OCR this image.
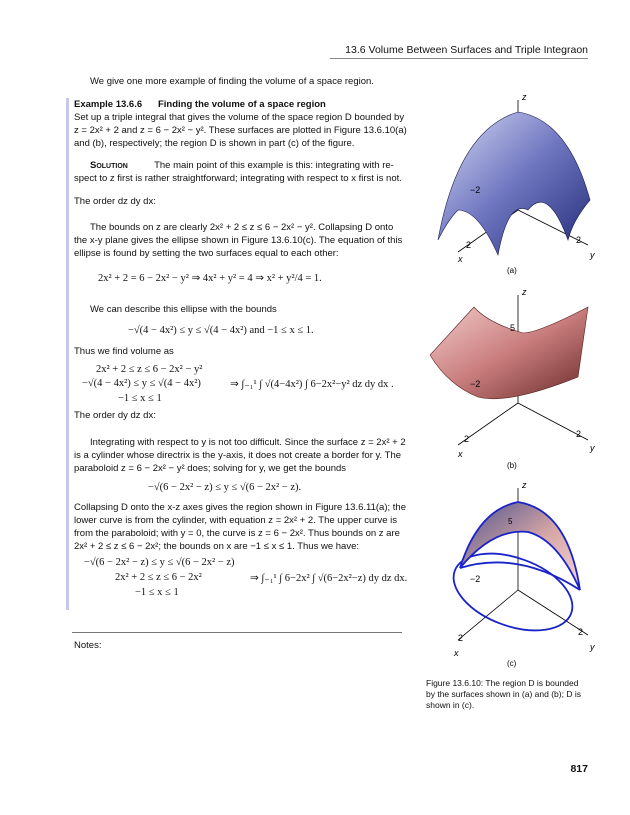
13.6 Volume Between Surfaces and Triple Integraon
We give one more example of finding the volume of a space region.
Example 13.6.6 Finding the volume of a space region
Set up a triple integral that gives the volume of the space region D bounded by
z = 2x² + 2 and z = 6 − 2x² − y². These surfaces are plotted in Figure 13.6.10(a)
and (b), respectively; the region D is shown in part (c) of the figure.
Solution	The main point of this example is this: integrating with re-
spect to z first is rather straightforward; integrating with respect to x first is not.
The order dz dy dx:
The bounds on z are clearly 2x² + 2 ≤ z ≤ 6 − 2x² − y². Collapsing D onto
the x-y plane gives the ellipse shown in Figure 13.6.10(c). The equation of this
ellipse is found by setting the two surfaces equal to each other:
2x² + 2 = 6 − 2x² − y² ⇒ 4x² + y² = 4 ⇒ x² + y²/4 = 1.
We can describe this ellipse with the bounds
−√(4 − 4x²) ≤ y ≤ √(4 − 4x²) and −1 ≤ x ≤ 1.
Thus we find volume as
2x² + 2 ≤ z ≤ 6 − 2x² − y²
−√(4 − 4x²) ≤ y ≤ √(4 − 4x²)
−1 ≤ x ≤ 1
⇒ ∫₋₁¹ ∫ √(4−4x²) ∫ 6−2x²−y² dz dy dx .
The order dy dz dx:
Integrating with respect to y is not too difficult. Since the surface z = 2x² + 2
is a cylinder whose directrix is the y-axis, it does not create a border for y. The
paraboloid z = 6 − 2x² − y² does; solving for y, we get the bounds
−√(6 − 2x² − z) ≤ y ≤ √(6 − 2x² − z).
Collapsing D onto the x-z axes gives the region shown in Figure 13.6.11(a); the
lower curve is from the cylinder, with equation z = 2x² + 2. The upper curve is
from the paraboloid; with y = 0, the curve is z = 6 − 2x². Thus bounds on z are
2x² + 2 ≤ z ≤ 6 − 2x²; the bounds on x are −1 ≤ x ≤ 1. Thus we have:
−√(6 − 2x² − z) ≤ y ≤ √(6 − 2x² − z)
2x² + 2 ≤ z ≤ 6 − 2x²
−1 ≤ x ≤ 1
⇒ ∫₋₁¹ ∫ 6−2x² ∫ √(6−2x²−z) dy dz dx.
Notes:
z
x	y
−2
2	2
(a)
z
5
−2
x
y
2	2
(b)
z
5
−2
x
y
2
2
(c)
Figure 13.6.10: The region D is bounded
by the surfaces shown in (a) and (b); D is
shown in (c).
817
